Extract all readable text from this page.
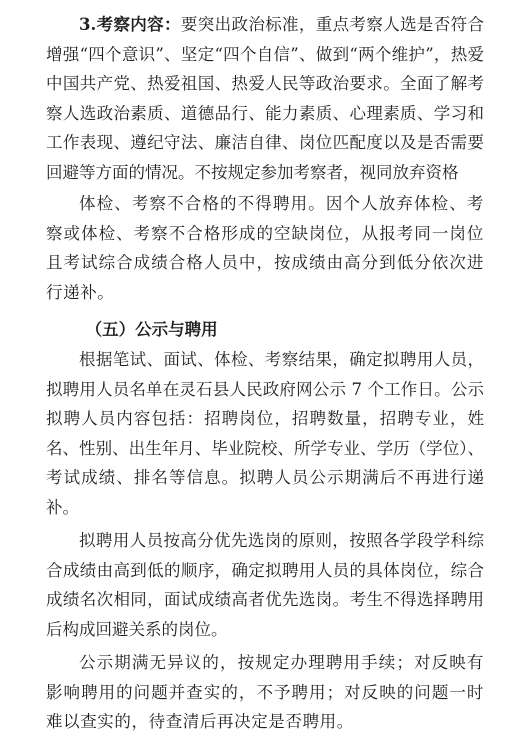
3.考察内容：要突出政治标准，重点考察人选是否符合增强“四个意识”、坚定“四个自信”、做到“两个维护”，热爱中国共产党、热爱祖国、热爱人民等政治要求。全面了解考察人选政治素质、道德品行、能力素质、心理素质、学习和工作表现、遵纪守法、廉洁自律、岗位匹配度以及是否需要回避等方面的情况。不按规定参加考察者，视同放弃资格

体检、考察不合格的不得聘用。因个人放弃体检、考察或体检、考察不合格形成的空缺岗位，从报考同一岗位且考试综合成绩合格人员中，按成绩由高分到低分依次进行递补。

（五）公示与聘用

根据笔试、面试、体检、考察结果，确定拟聘用人员，拟聘用人员名单在灵石县人民政府网公示 7 个工作日。公示拟聘人员内容包括：招聘岗位，招聘数量，招聘专业，姓名、性别、出生年月、毕业院校、所学专业、学历（学位）、考试成绩、排名等信息。拟聘人员公示期满后不再进行递补。

拟聘用人员按高分优先选岗的原则，按照各学段学科综合成绩由高到低的顺序，确定拟聘用人员的具体岗位，综合成绩名次相同，面试成绩高者优先选岗。考生不得选择聘用后构成回避关系的岗位。

公示期满无异议的，按规定办理聘用手续；对反映有影响聘用的问题并查实的，不予聘用；对反映的问题一时难以查实的，待查清后再决定是否聘用。
